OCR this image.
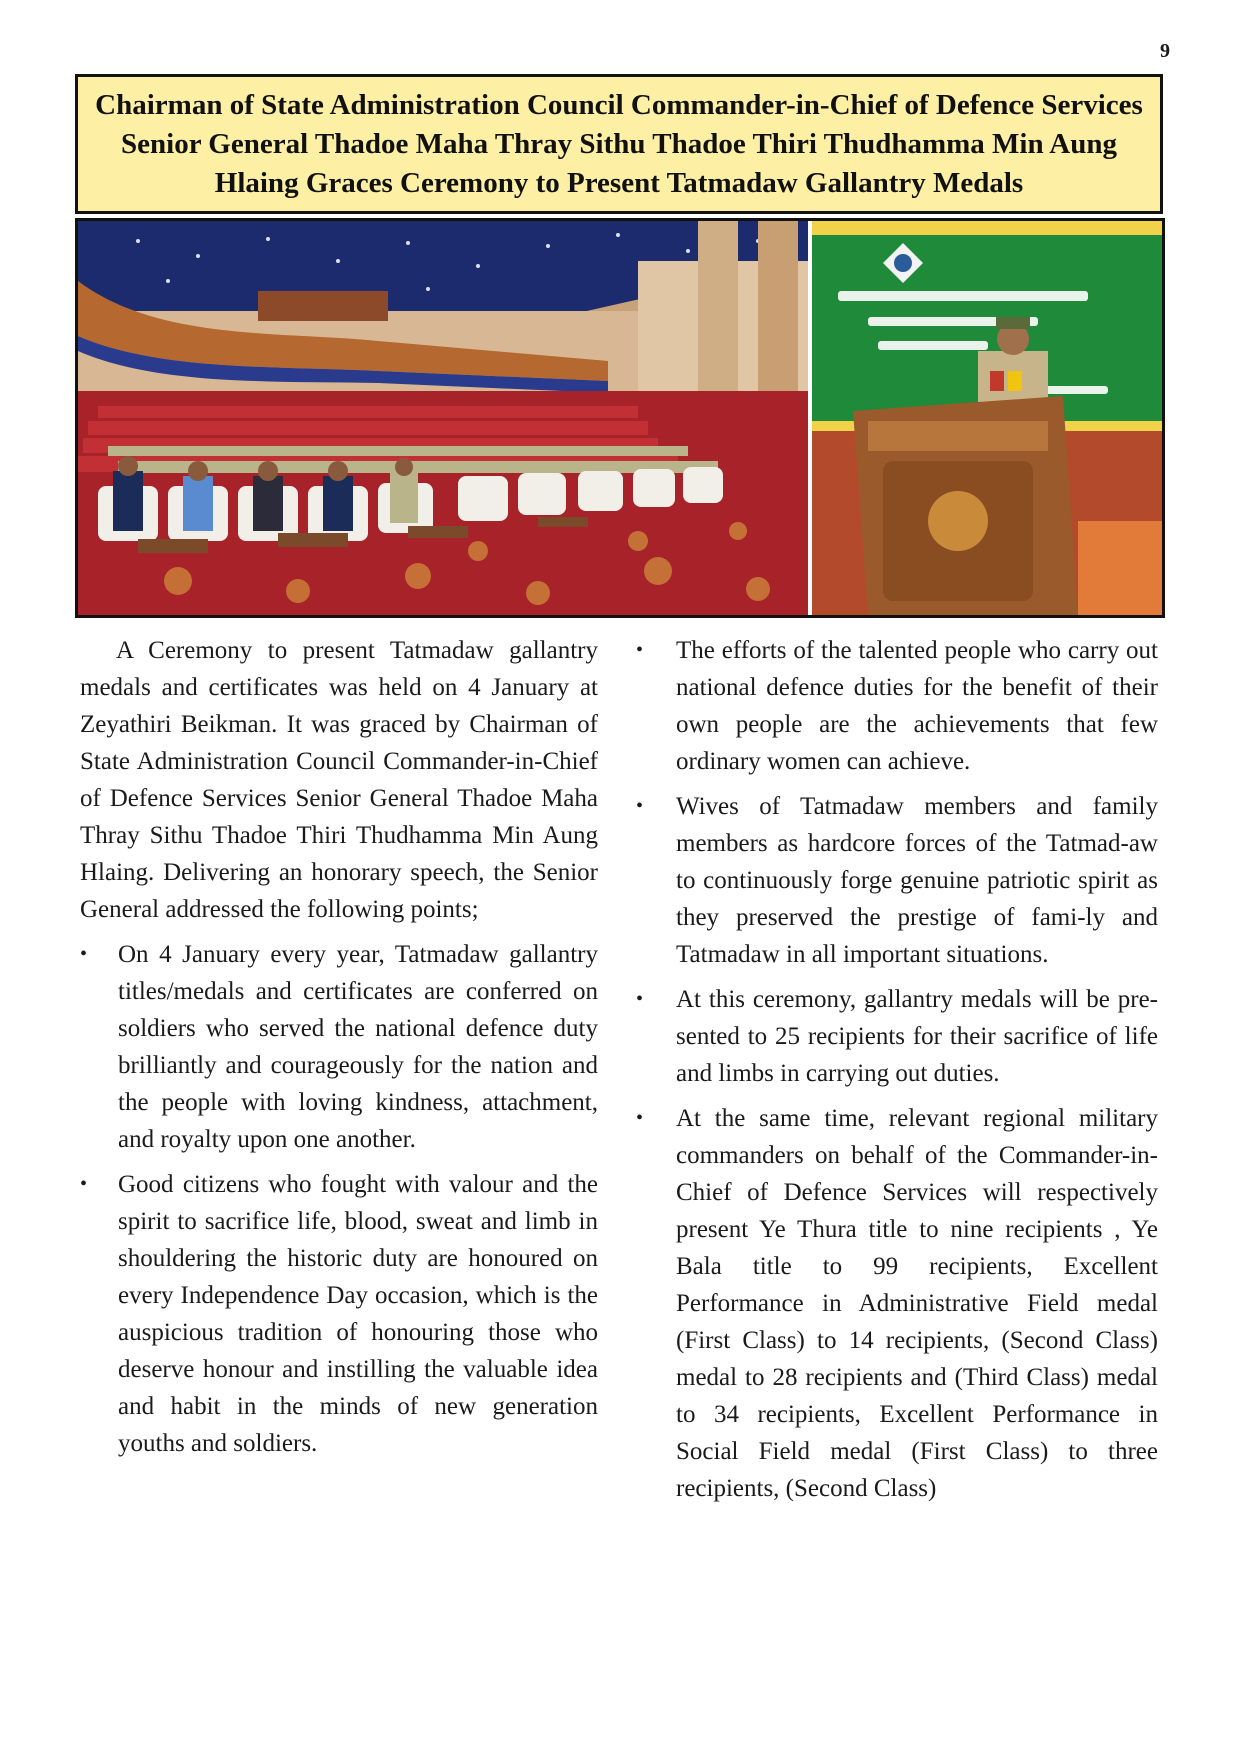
9
Chairman of State Administration Council Commander-in-Chief of Defence Services Senior General Thadoe Maha Thray Sithu Thadoe Thiri Thudhamma Min Aung Hlaing Graces Ceremony to Present Tatmadaw Gallantry Medals

A Ceremony to present Tatmadaw gallantry medals and certificates was held on 4 January at Zeyathiri Beikman. It was graced by Chairman of State Administration Council Commander-in-Chief of Defence Services Senior General Thadoe Maha Thray Sithu Thadoe Thiri Thudhamma Min Aung Hlaing. Delivering an honorary speech, the Senior General addressed the following points;

• On 4 January every year, Tatmadaw gallantry titles/medals and certificates are conferred on soldiers who served the national defence duty brilliantly and courageously for the nation and the people with loving kindness, attachment, and royalty upon one another.
• Good citizens who fought with valour and the spirit to sacrifice life, blood, sweat and limb in shouldering the historic duty are honoured on every Independence Day occasion, which is the auspicious tradition of honouring those who deserve honour and instilling the valuable idea and habit in the minds of new generation youths and soldiers.
• The efforts of the talented people who carry out national defence duties for the benefit of their own people are the achievements that few ordinary women can achieve.
• Wives of Tatmadaw members and family members as hardcore forces of the Tatmad-aw to continuously forge genuine patriotic spirit as they preserved the prestige of fami-ly and Tatmadaw in all important situations.
• At this ceremony, gallantry medals will be pre-sented to 25 recipients for their sacrifice of life and limbs in carrying out duties.
• At the same time, relevant regional military commanders on behalf of the Commander-in-Chief of Defence Services will respectively present Ye Thura title to nine recipients , Ye Bala title to 99 recipients, Excellent Performance in Administrative Field medal (First Class) to 14 recipients, (Second Class) medal to 28 recipients and (Third Class) medal to 34 recipients, Excellent Performance in Social Field medal (First Class) to three recipients, (Second Class)
